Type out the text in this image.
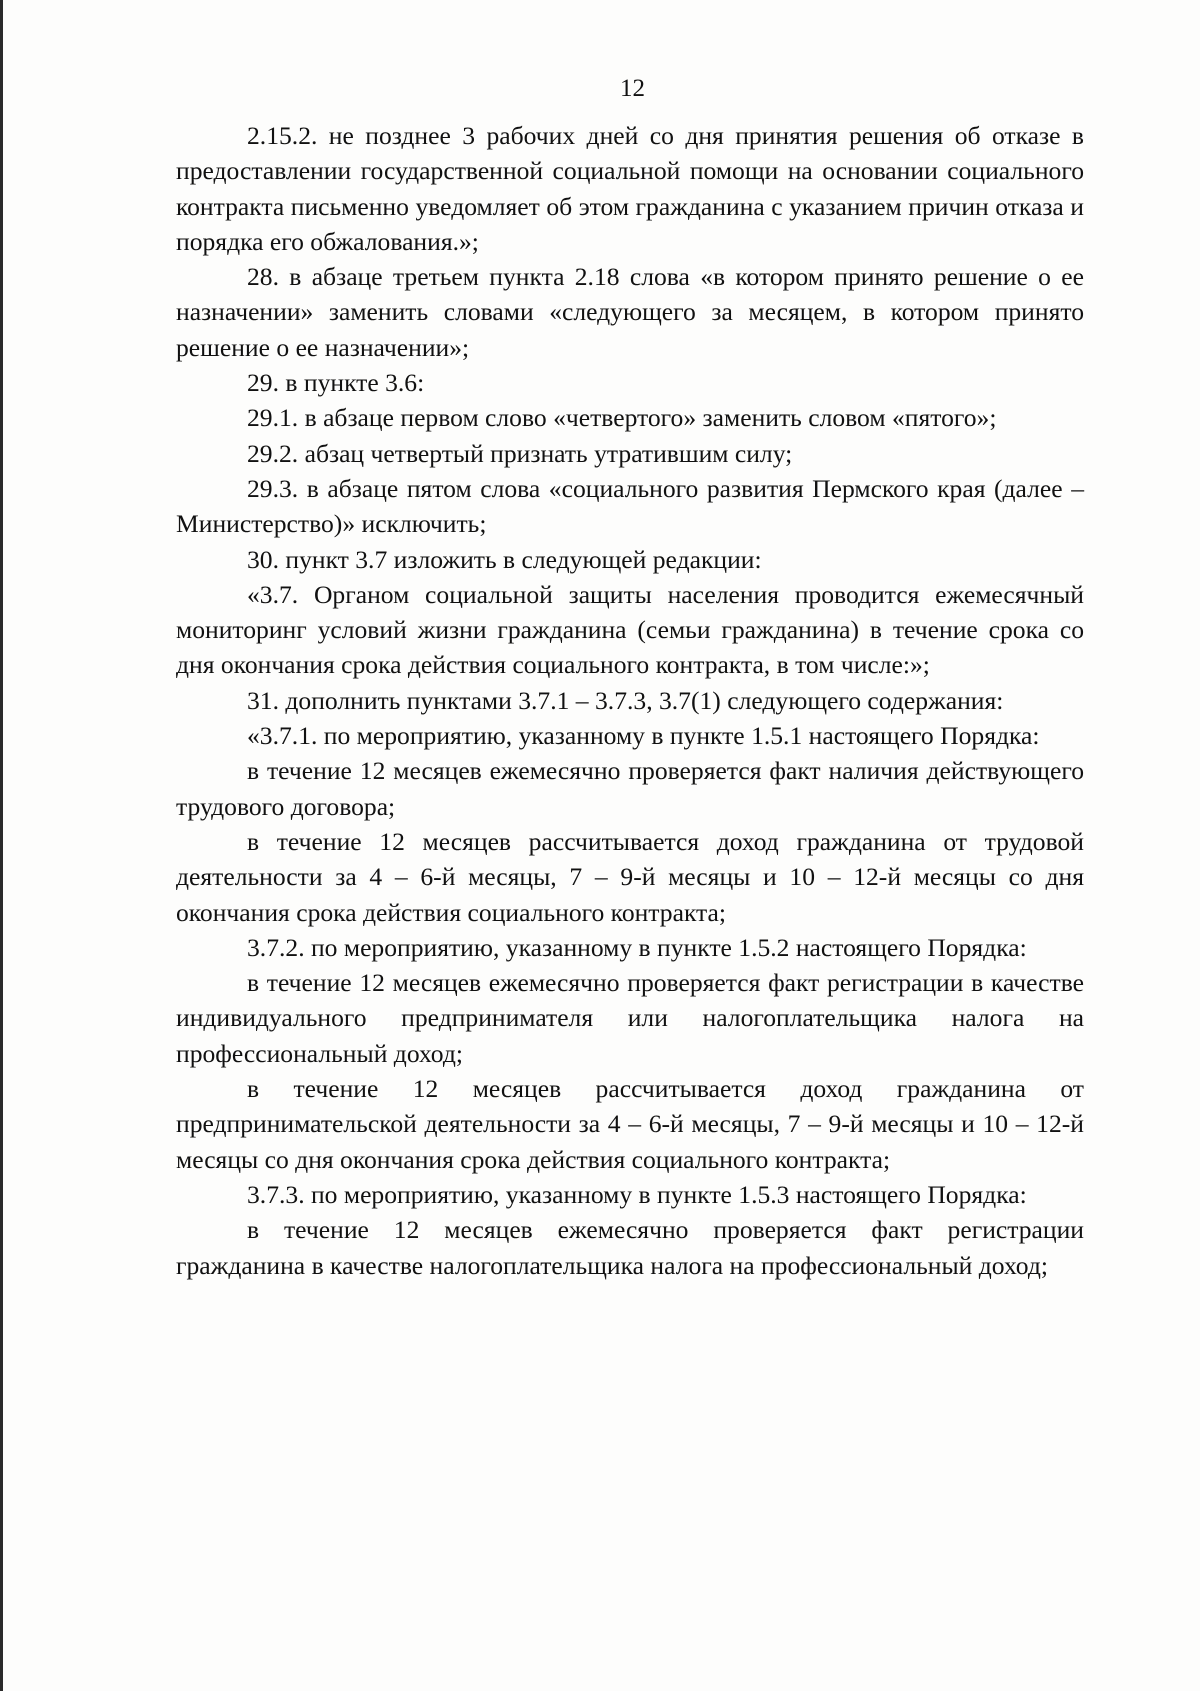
12

2.15.2. не позднее 3 рабочих дней со дня принятия решения об отказе в предоставлении государственной социальной помощи на основании социального контракта письменно уведомляет об этом гражданина с указанием причин отказа и порядка его обжалования.»;

28. в абзаце третьем пункта 2.18 слова «в котором принято решение о ее назначении» заменить словами «следующего за месяцем, в котором принято решение о ее назначении»;

29. в пункте 3.6:

29.1. в абзаце первом слово «четвертого» заменить словом «пятого»;

29.2. абзац четвертый признать утратившим силу;

29.3. в абзаце пятом слова «социального развития Пермского края (далее – Министерство)» исключить;

30. пункт 3.7 изложить в следующей редакции:

«3.7. Органом социальной защиты населения проводится ежемесячный мониторинг условий жизни гражданина (семьи гражданина) в течение срока со дня окончания срока действия социального контракта, в том числе:»;

31. дополнить пунктами 3.7.1 – 3.7.3, 3.7(1) следующего содержания:

«3.7.1. по мероприятию, указанному в пункте 1.5.1 настоящего Порядка:

в течение 12 месяцев ежемесячно проверяется факт наличия действующего трудового договора;

в течение 12 месяцев рассчитывается доход гражданина от трудовой деятельности за 4 – 6-й месяцы, 7 – 9-й месяцы и 10 – 12-й месяцы со дня окончания срока действия социального контракта;

3.7.2. по мероприятию, указанному в пункте 1.5.2 настоящего Порядка:

в течение 12 месяцев ежемесячно проверяется факт регистрации в качестве индивидуального предпринимателя или налогоплательщика налога на профессиональный доход;

в течение 12 месяцев рассчитывается доход гражданина от предпринимательской деятельности за 4 – 6-й месяцы, 7 – 9-й месяцы и 10 – 12-й месяцы со дня окончания срока действия социального контракта;

3.7.3. по мероприятию, указанному в пункте 1.5.3 настоящего Порядка:

в течение 12 месяцев ежемесячно проверяется факт регистрации гражданина в качестве налогоплательщика налога на профессиональный доход;
